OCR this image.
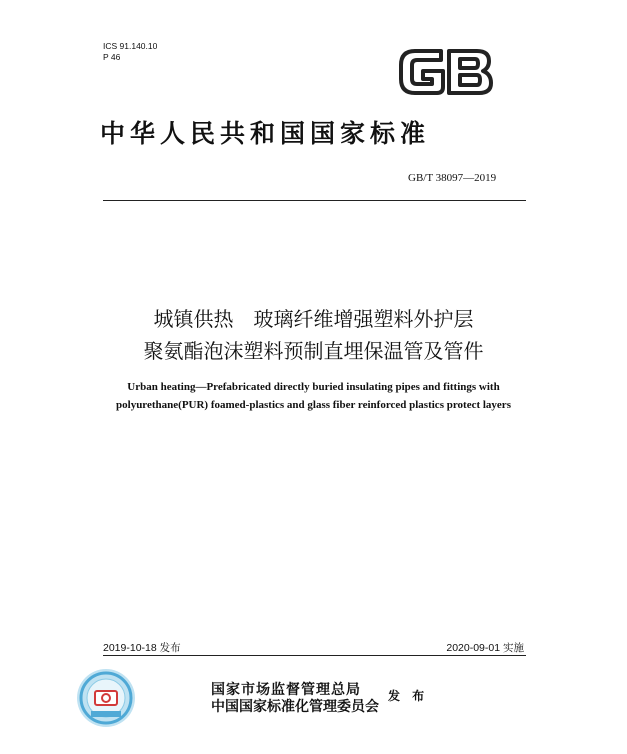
ICS 91.140.10
P 46
中华人民共和国国家标准
GB/T 38097—2019
城镇供热　玻璃纤维增强塑料外护层
聚氨酯泡沫塑料预制直埋保温管及管件
Urban heating—Prefabricated directly buried insulating pipes and fittings with
polyurethane(PUR) foamed-plastics and glass fiber reinforced plastics protect layers
2019-10-18 发布	2020-09-01 实施
国家市场监督管理总局
中国国家标准化管理委员会
发 布
